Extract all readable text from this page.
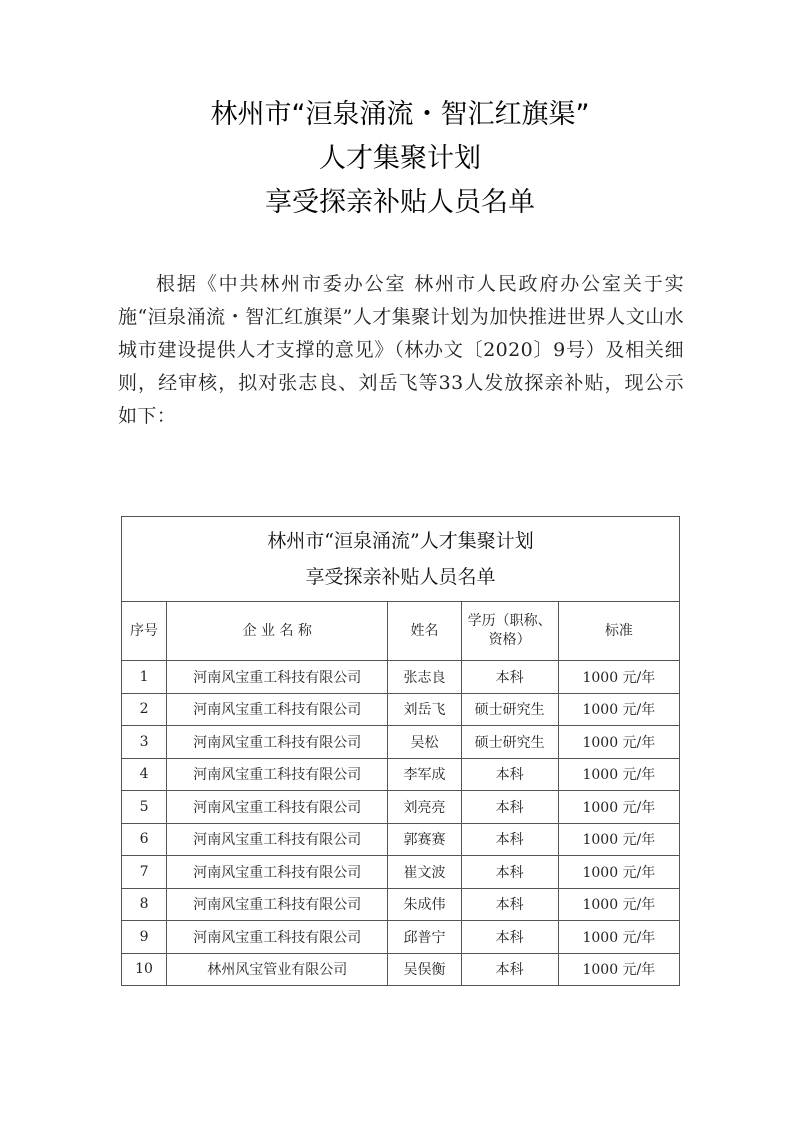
林州市“洹泉涌流・智汇红旗渠”
人才集聚计划
享受探亲补贴人员名单

根据《中共林州市委办公室 林州市人民政府办公室关于实施“洹泉涌流・智汇红旗渠”人才集聚计划为加快推进世界人文山水城市建设提供人才支撑的意见》（林办文〔2020〕9号）及相关细则，经审核，拟对张志良、刘岳飞等33人发放探亲补贴，现公示如下：

林州市“洹泉涌流”人才集聚计划
享受探亲补贴人员名单				

序号	企 业 名 称	姓名	学历（职称、资格）	标准
1	河南风宝重工科技有限公司	张志良	本科	1000 元/年
2	河南风宝重工科技有限公司	刘岳飞	硕士研究生	1000 元/年
3	河南风宝重工科技有限公司	吴松	硕士研究生	1000 元/年
4	河南风宝重工科技有限公司	李军成	本科	1000 元/年
5	河南风宝重工科技有限公司	刘亮亮	本科	1000 元/年
6	河南风宝重工科技有限公司	郭赛赛	本科	1000 元/年
7	河南风宝重工科技有限公司	崔文波	本科	1000 元/年
8	河南风宝重工科技有限公司	朱成伟	本科	1000 元/年
9	河南风宝重工科技有限公司	邱普宁	本科	1000 元/年
10	林州风宝管业有限公司	吴俣衡	本科	1000 元/年
